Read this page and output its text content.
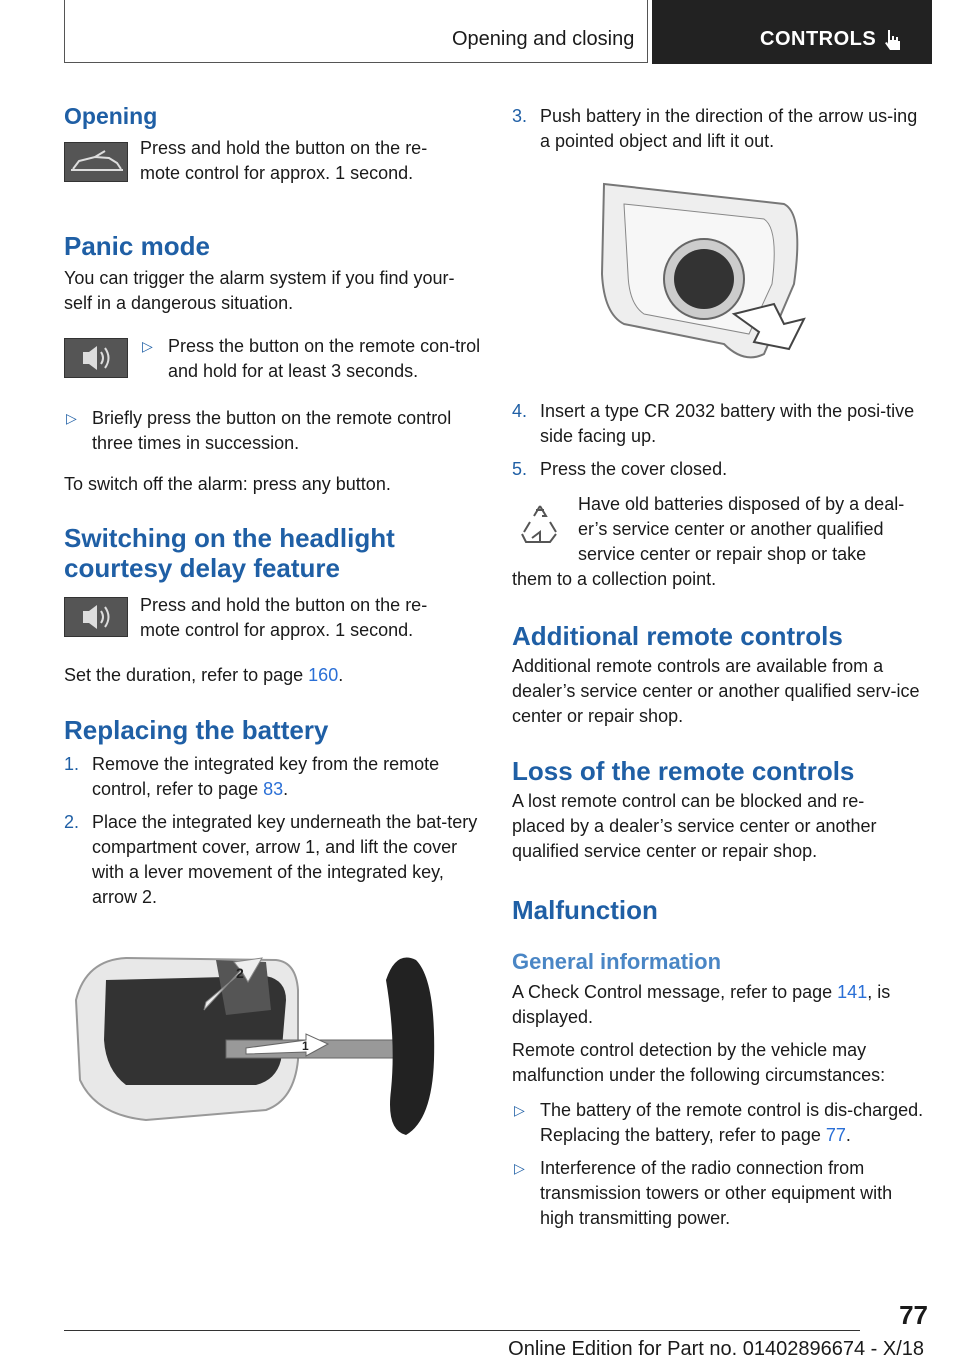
Opening and closing	CONTROLS
Opening

Press and hold the button on the re-mote control for approx. 1 second.

Panic mode

You can trigger the alarm system if you find your-self in a dangerous situation.

▷ Press the button on the remote con-trol and hold for at least 3 seconds.
▷ Briefly press the button on the remote control three times in succession.

To switch off the alarm: press any button.

Switching on the headlight courtesy delay feature

Press and hold the button on the re-mote control for approx. 1 second.

Set the duration, refer to page 160.

Replacing the battery
1. Remove the integrated key from the remote control, refer to page 83.
2. Place the integrated key underneath the bat-tery compartment cover, arrow 1, and lift the cover with a lever movement of the integrated key, arrow 2.
2
1
3. Push battery in the direction of the arrow us-ing a pointed object and lift it out.
4. Insert a type CR 2032 battery with the posi-tive side facing up.
5. Press the cover closed.

Have old batteries disposed of by a deal-er’s service center or another qualified service center or repair shop or take

them to a collection point.

Additional remote controls

Additional remote controls are available from a dealer’s service center or another qualified serv-ice center or repair shop.

Loss of the remote controls

A lost remote control can be blocked and re-placed by a dealer’s service center or another qualified service center or repair shop.

Malfunction
General information

A Check Control message, refer to page 141, is displayed.

Remote control detection by the vehicle may malfunction under the following circumstances:

▷ The battery of the remote control is dis-charged. Replacing the battery, refer to page 77.
▷ Interference of the radio connection from transmission towers or other equipment with high transmitting power.
77
Online Edition for Part no. 01402896674 - X/18
